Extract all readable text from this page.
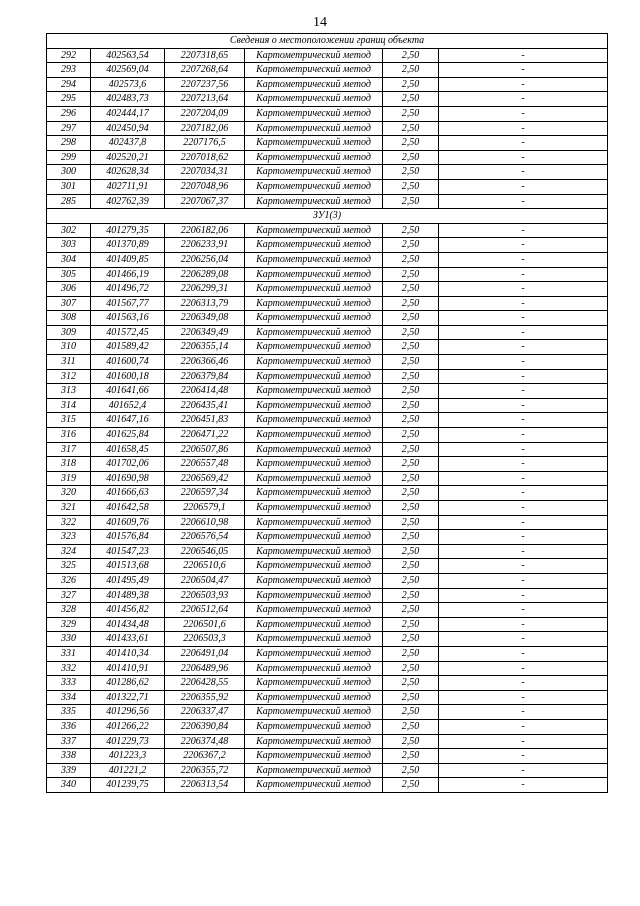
14
Сведения о местоположении границ объекта					
292	402563,54	2207318,65	Картометрический метод	2,50	-
293	402569,04	2207268,64	Картометрический метод	2,50	-
294	402573,6	2207237,56	Картометрический метод	2,50	-
295	402483,73	2207213,64	Картометрический метод	2,50	-
296	402444,17	2207204,09	Картометрический метод	2,50	-
297	402450,94	2207182,06	Картометрический метод	2,50	-
298	402437,8	2207176,5	Картометрический метод	2,50	-
299	402520,21	2207018,62	Картометрический метод	2,50	-
300	402628,34	2207034,31	Картометрический метод	2,50	-
301	402711,91	2207048,96	Картометрический метод	2,50	-
285	402762,39	2207067,37	Картометрический метод	2,50	-
ЗУ1(3)					
302	401279,35	2206182,06	Картометрический метод	2,50	-
303	401370,89	2206233,91	Картометрический метод	2,50	-
304	401409,85	2206256,04	Картометрический метод	2,50	-
305	401466,19	2206289,08	Картометрический метод	2,50	-
306	401496,72	2206299,31	Картометрический метод	2,50	-
307	401567,77	2206313,79	Картометрический метод	2,50	-
308	401563,16	2206349,08	Картометрический метод	2,50	-
309	401572,45	2206349,49	Картометрический метод	2,50	-
310	401589,42	2206355,14	Картометрический метод	2,50	-
311	401600,74	2206366,46	Картометрический метод	2,50	-
312	401600,18	2206379,84	Картометрический метод	2,50	-
313	401641,66	2206414,48	Картометрический метод	2,50	-
314	401652,4	2206435,41	Картометрический метод	2,50	-
315	401647,16	2206451,83	Картометрический метод	2,50	-
316	401625,84	2206471,22	Картометрический метод	2,50	-
317	401658,45	2206507,86	Картометрический метод	2,50	-
318	401702,06	2206557,48	Картометрический метод	2,50	-
319	401690,98	2206569,42	Картометрический метод	2,50	-
320	401666,63	2206597,34	Картометрический метод	2,50	-
321	401642,58	2206579,1	Картометрический метод	2,50	-
322	401609,76	2206610,98	Картометрический метод	2,50	-
323	401576,84	2206576,54	Картометрический метод	2,50	-
324	401547,23	2206546,05	Картометрический метод	2,50	-
325	401513,68	2206510,6	Картометрический метод	2,50	-
326	401495,49	2206504,47	Картометрический метод	2,50	-
327	401489,38	2206503,93	Картометрический метод	2,50	-
328	401456,82	2206512,64	Картометрический метод	2,50	-
329	401434,48	2206501,6	Картометрический метод	2,50	-
330	401433,61	2206503,3	Картометрический метод	2,50	-
331	401410,34	2206491,04	Картометрический метод	2,50	-
332	401410,91	2206489,96	Картометрический метод	2,50	-
333	401286,62	2206428,55	Картометрический метод	2,50	-
334	401322,71	2206355,92	Картометрический метод	2,50	-
335	401296,56	2206337,47	Картометрический метод	2,50	-
336	401266,22	2206390,84	Картометрический метод	2,50	-
337	401229,73	2206374,48	Картометрический метод	2,50	-
338	401223,3	2206367,2	Картометрический метод	2,50	-
339	401221,2	2206355,72	Картометрический метод	2,50	-
340	401239,75	2206313,54	Картометрический метод	2,50	-
